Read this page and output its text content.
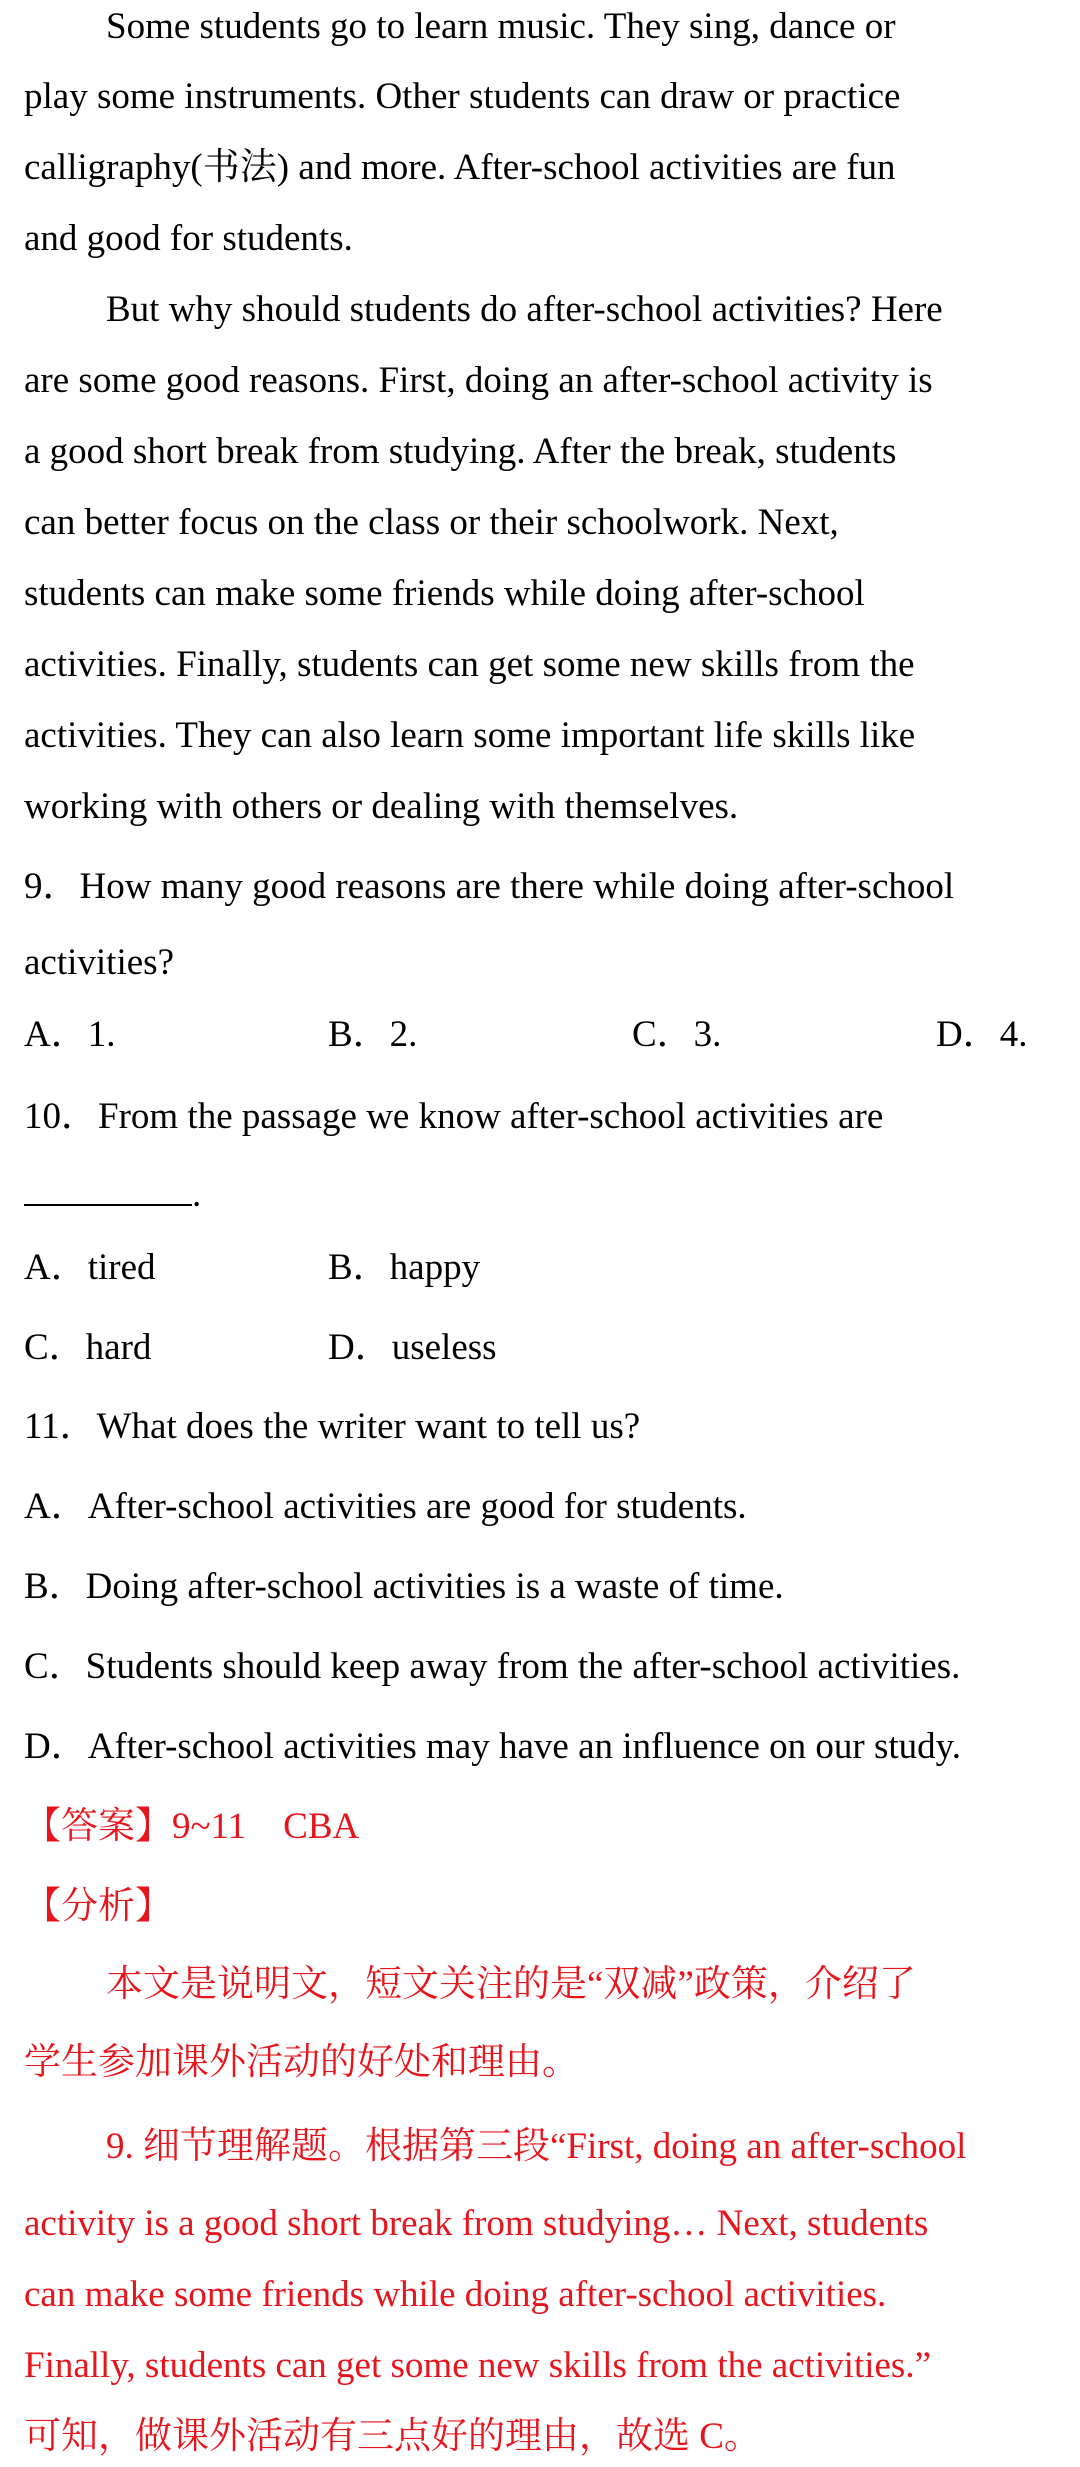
Some students go to learn music. They sing, dance or
play some instruments. Other students can draw or practice
calligraphy(书法) and more. After-school activities are fun
and good for students.
But why should students do after-school activities? Here
are some good reasons. First, doing an after-school activity is
a good short break from studying. After the break, students
can better focus on the class or their schoolwork. Next,
students can make some friends while doing after-school
activities. Finally, students can get some new skills from the
activities. They can also learn some important life skills like
working with others or dealing with themselves.
9．How many good reasons are there while doing after-school
activities?
A．1.	B．2.	C．3.	D．4.
10．From the passage we know after-school activities are
.
A．tired	B．happy
C．hard	D．useless
11．What does the writer want to tell us?
A．After-school activities are good for students.
B．Doing after-school activities is a waste of time.
C．Students should keep away from the after-school activities.
D．After-school activities may have an influence on our study.
【答案】9~11　CBA
【分析】
本文是说明文，短文关注的是“双减”政策，介绍了
学生参加课外活动的好处和理由。
9. 细节理解题。根据第三段“First, doing an after-school
activity is a good short break from studying… Next, students
can make some friends while doing after-school activities.
Finally, students can get some new skills from the activities.”
可知，做课外活动有三点好的理由，故选 C。
